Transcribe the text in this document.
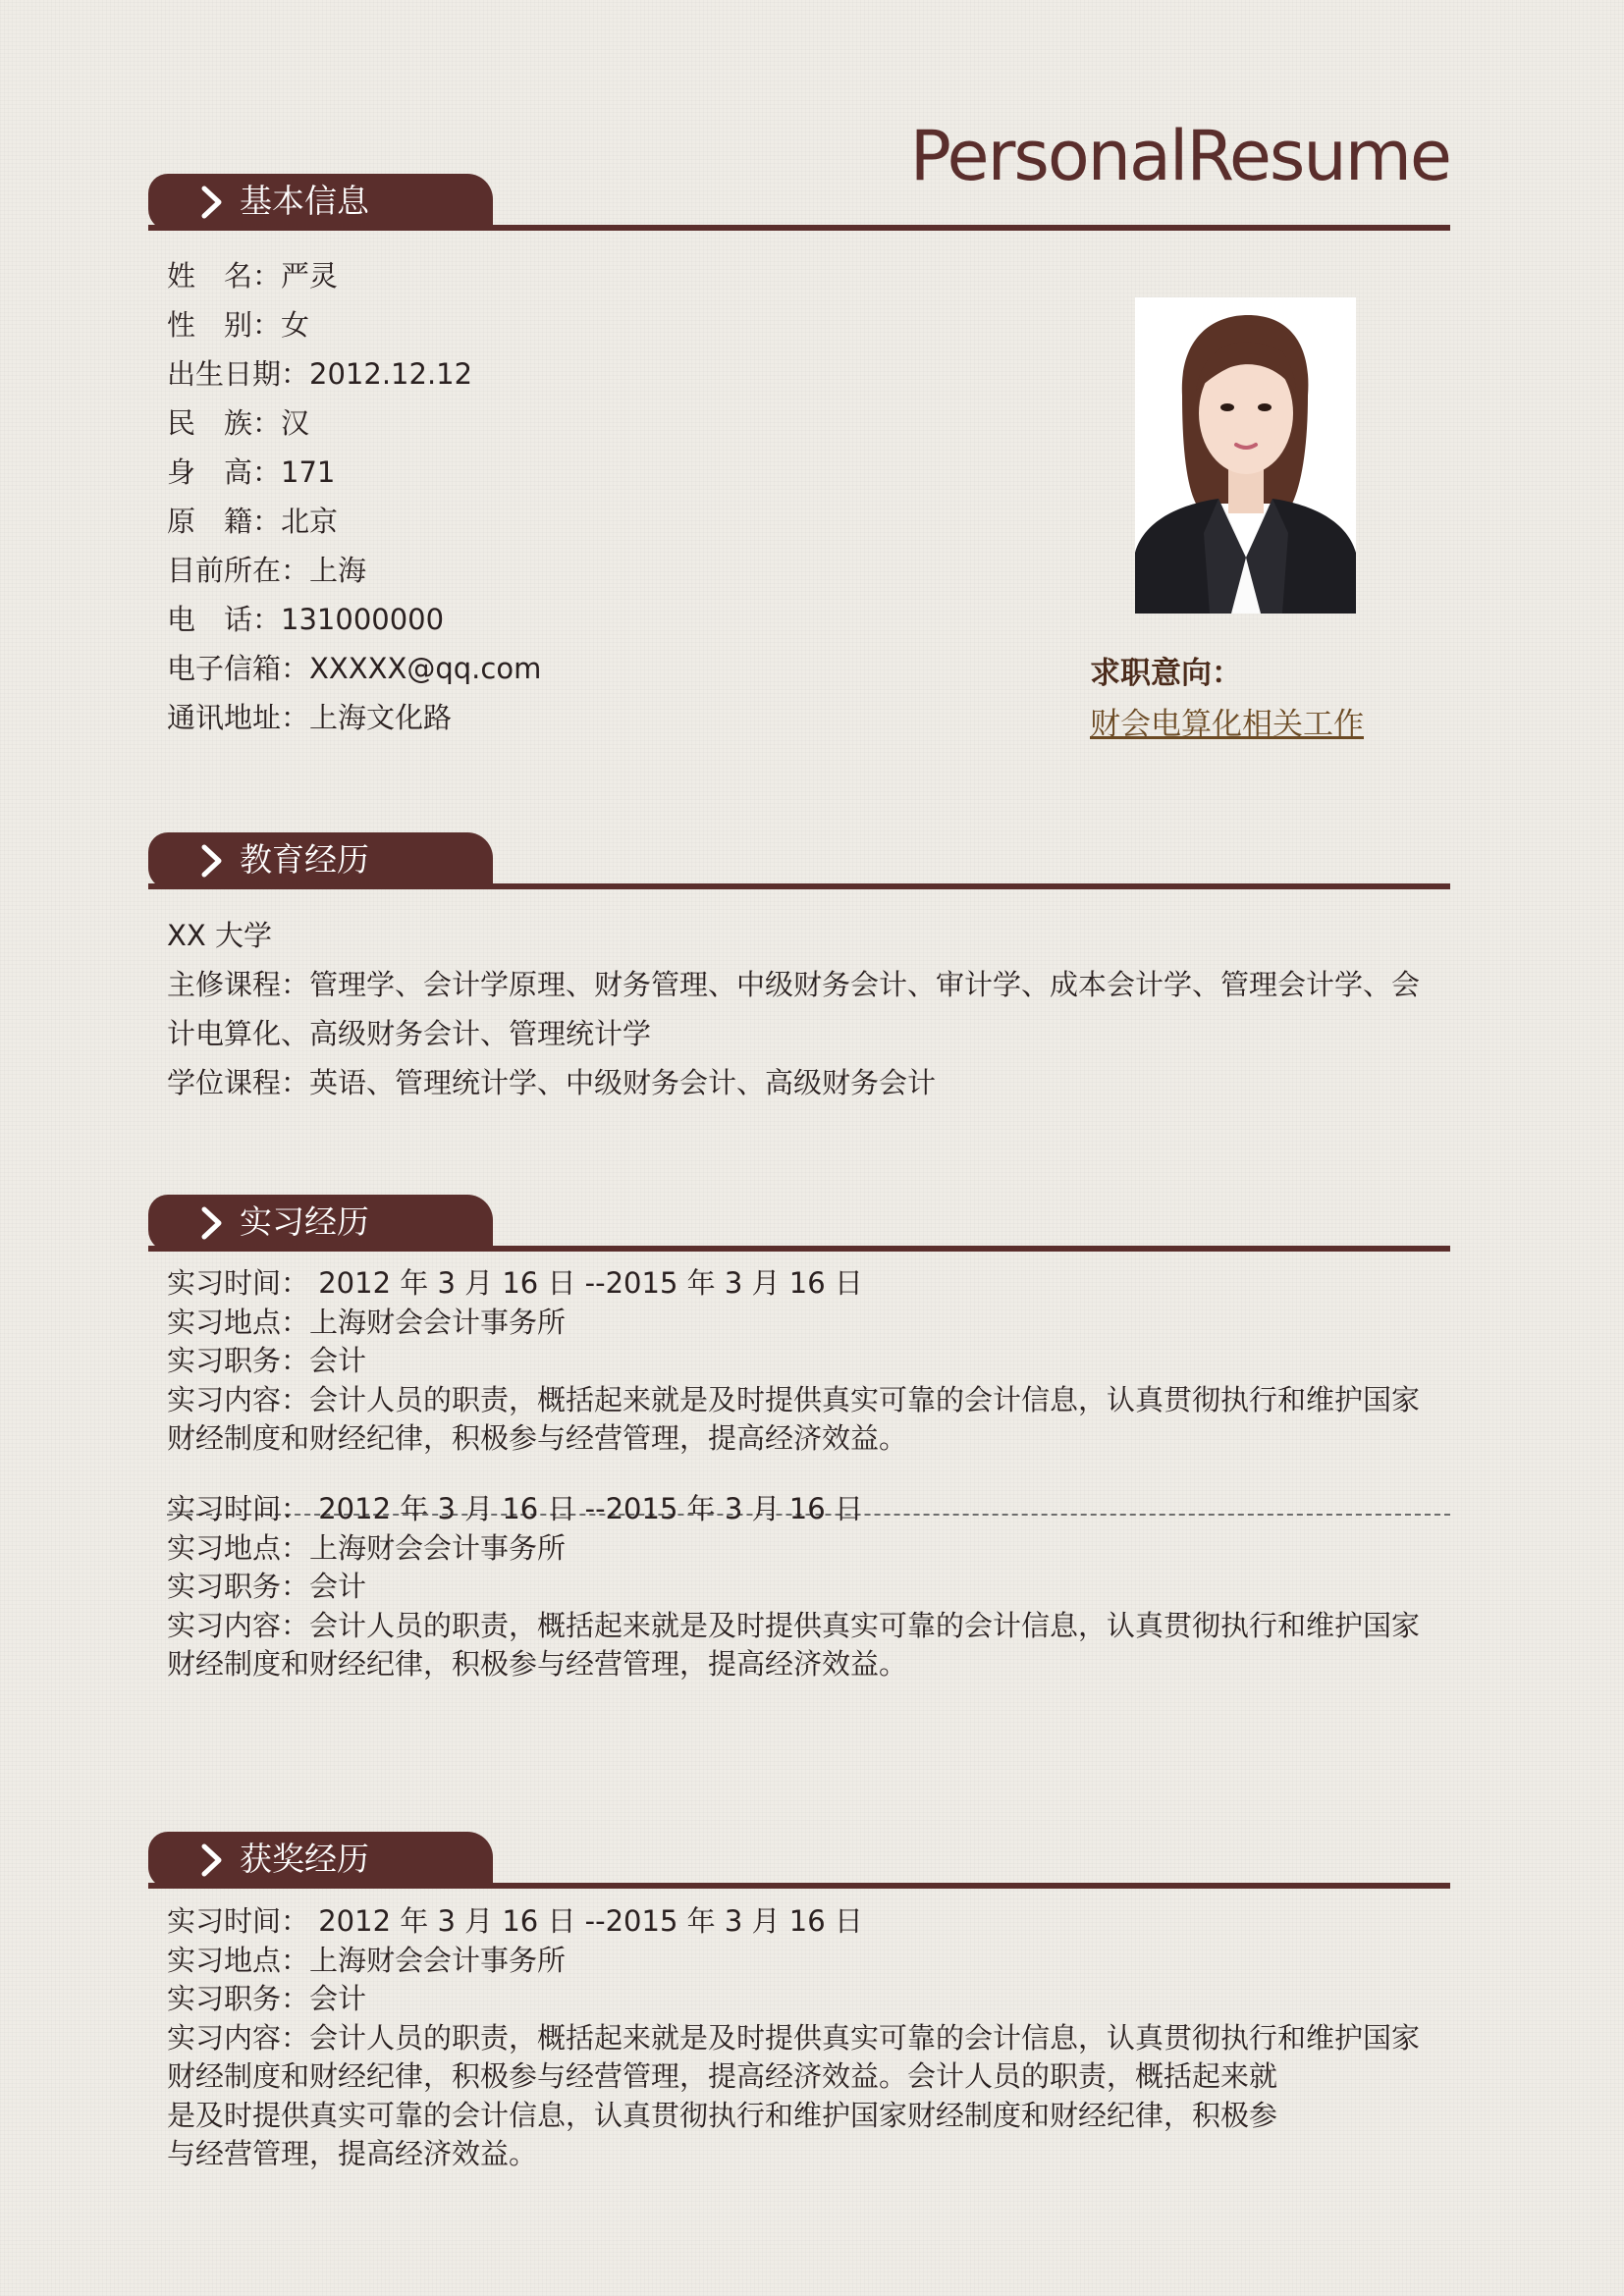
PersonalResume
基本信息
姓　名：严灵
性　别：女
出生日期：2012.12.12
民　族：汉
身　高：171
原　籍：北京
目前所在：上海
电　话：131000000
电子信箱：XXXXX@qq.com
通讯地址：上海文化路
求职意向：
财会电算化相关工作
教育经历
XX 大学
主修课程：管理学、会计学原理、财务管理、中级财务会计、审计学、成本会计学、管理会计学、会
计电算化、高级财务会计、管理统计学
学位课程：英语、管理统计学、中级财务会计、高级财务会计
实习经历
实习时间： 2012 年 3 月 16 日 --2015 年 3 月 16 日
实习地点：上海财会会计事务所
实习职务：会计
实习内容：会计人员的职责，概括起来就是及时提供真实可靠的会计信息，认真贯彻执行和维护国家
财经制度和财经纪律，积极参与经营管理，提高经济效益。
实习时间： 2012 年 3 月 16 日 --2015 年 3 月 16 日
实习地点：上海财会会计事务所
实习职务：会计
实习内容：会计人员的职责，概括起来就是及时提供真实可靠的会计信息，认真贯彻执行和维护国家
财经制度和财经纪律，积极参与经营管理，提高经济效益。
获奖经历
实习时间： 2012 年 3 月 16 日 --2015 年 3 月 16 日
实习地点：上海财会会计事务所
实习职务：会计
实习内容：会计人员的职责，概括起来就是及时提供真实可靠的会计信息，认真贯彻执行和维护国家
财经制度和财经纪律，积极参与经营管理，提高经济效益。会计人员的职责，概括起来就
是及时提供真实可靠的会计信息，认真贯彻执行和维护国家财经制度和财经纪律，积极参
与经营管理，提高经济效益。
